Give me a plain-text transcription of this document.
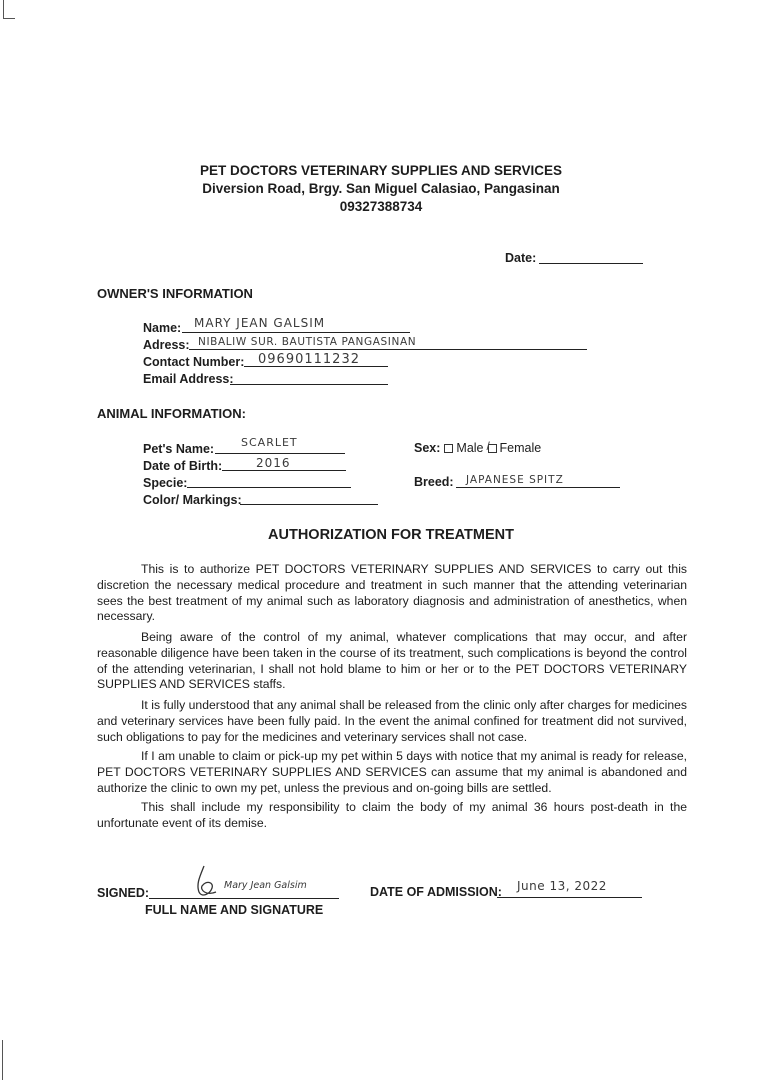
PET DOCTORS VETERINARY SUPPLIES AND SERVICES
Diversion Road, Brgy. San Miguel Calasiao, Pangasinan
09327388734
Date:
OWNER'S INFORMATION
Name: MARY JEAN GALSIM
Adress: NIBALIW SUR. BAUTISTA PANGASINAN
Contact Number: 09690111232
Email Address:
ANIMAL INFORMATION:
Pet's Name: SCARLET
Date of Birth:	2016
Specie:
Color/ Markings:
Sex: Male / Female
Breed: JAPANESE SPITZ
AUTHORIZATION FOR TREATMENT
This is to authorize PET DOCTORS VETERINARY SUPPLIES AND SERVICES to carry out this discretion the necessary medical procedure and treatment in such manner that the attending veterinarian sees the best treatment of my animal such as laboratory diagnosis and administration of anesthetics, when necessary.
Being aware of the control of my animal, whatever complications that may occur, and after reasonable diligence have been taken in the course of its treatment, such complications is beyond the control of the attending veterinarian, I shall not hold blame to him or her or to the PET DOCTORS VETERINARY SUPPLIES AND SERVICES staffs.
It is fully understood that any animal shall be released from the clinic only after charges for medicines and veterinary services have been fully paid. In the event the animal confined for treatment did not survived, such obligations to pay for the medicines and veterinary services shall not case.
If I am unable to claim or pick-up my pet within 5 days with notice that my animal is ready for release, PET DOCTORS VETERINARY SUPPLIES AND SERVICES can assume that my animal is abandoned and authorize the clinic to own my pet, unless the previous and on-going bills are settled.
This shall include my responsibility to claim the body of my animal 36 hours post-death in the unfortunate event of its demise.
SIGNED:
Mary Jean Galsim
FULL NAME AND SIGNATURE
DATE OF ADMISSION: June 13, 2022
